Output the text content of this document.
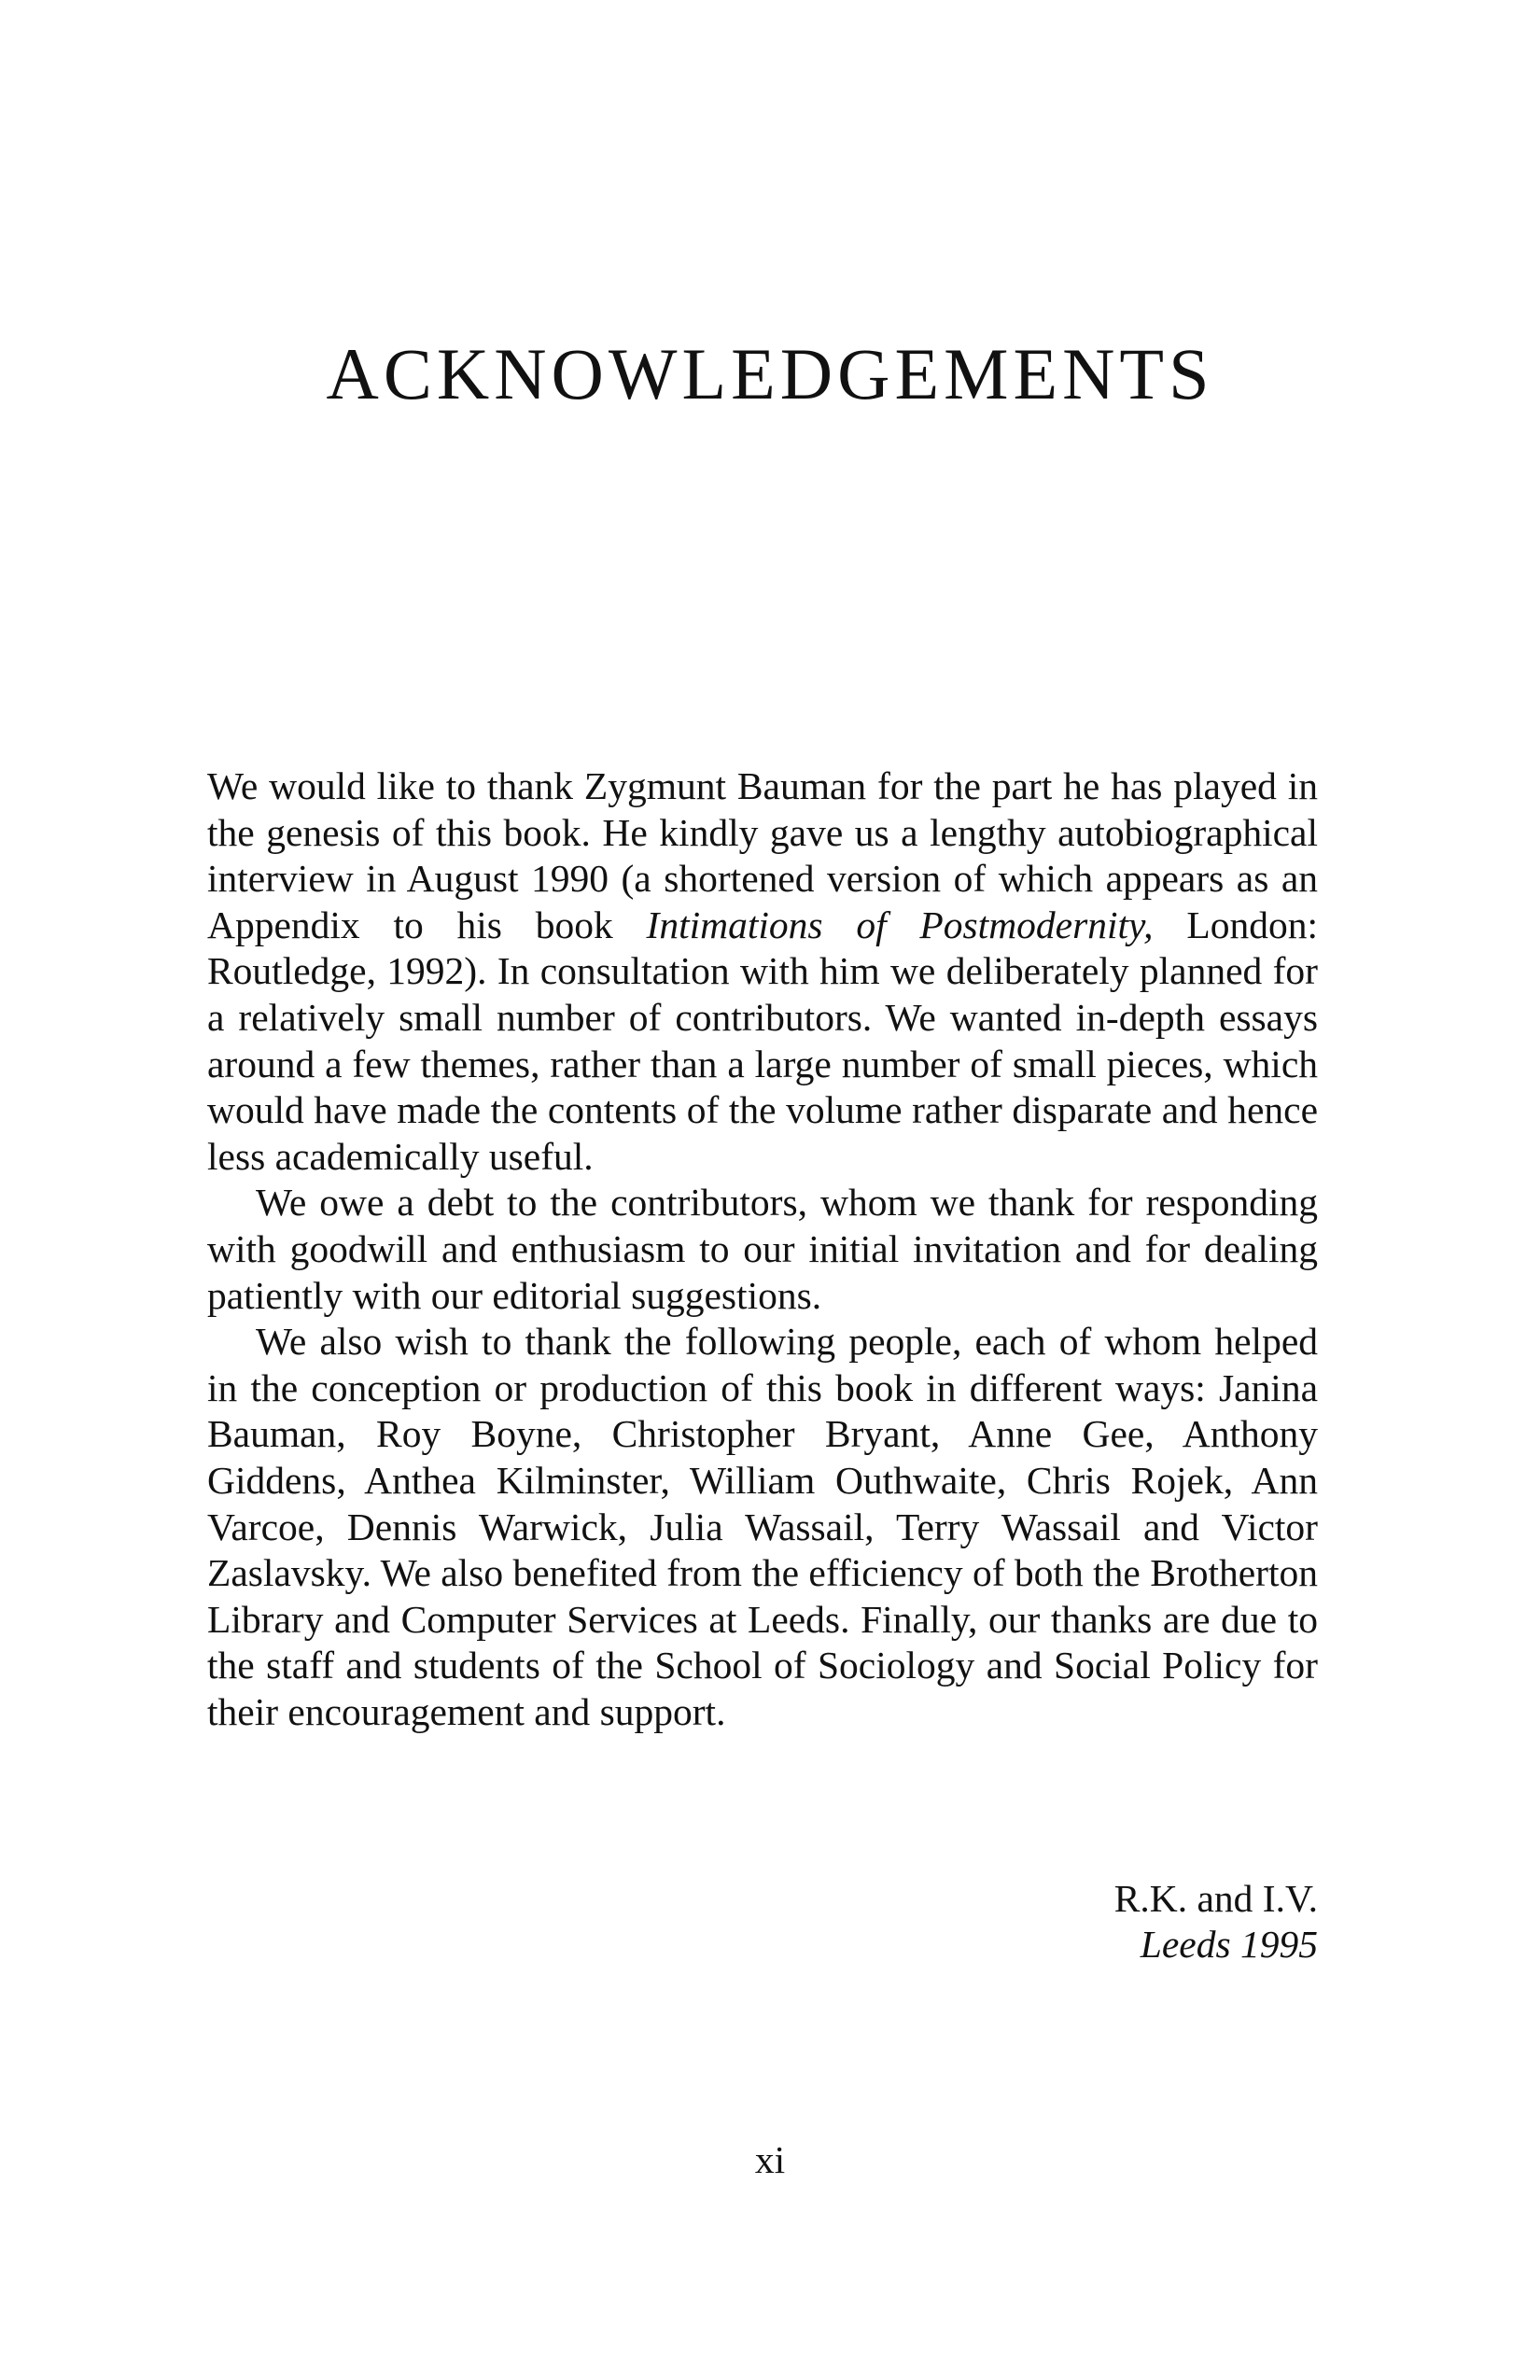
ACKNOWLEDGEMENTS

We would like to thank Zygmunt Bauman for the part he has played in the genesis of this book. He kindly gave us a lengthy autobiographical interview in August 1990 (a shortened version of which appears as an Appendix to his book Intimations of Postmodernity, London: Routledge, 1992). In consultation with him we deliberately planned for a relatively small number of contributors. We wanted in-depth essays around a few themes, rather than a large number of small pieces, which would have made the contents of the volume rather disparate and hence less academically useful.

We owe a debt to the contributors, whom we thank for responding with goodwill and enthusiasm to our initial invitation and for dealing patiently with our editorial suggestions.

We also wish to thank the following people, each of whom helped in the conception or production of this book in different ways: Janina Bauman, Roy Boyne, Christopher Bryant, Anne Gee, Anthony Giddens, Anthea Kilminster, William Outhwaite, Chris Rojek, Ann Varcoe, Dennis Warwick, Julia Wassail, Terry Wassail and Victor Zaslavsky. We also benefited from the efficiency of both the Brotherton Library and Computer Services at Leeds. Finally, our thanks are due to the staff and students of the School of Sociology and Social Policy for their encouragement and support.

R.K. and I.V.
Leeds 1995
xi
